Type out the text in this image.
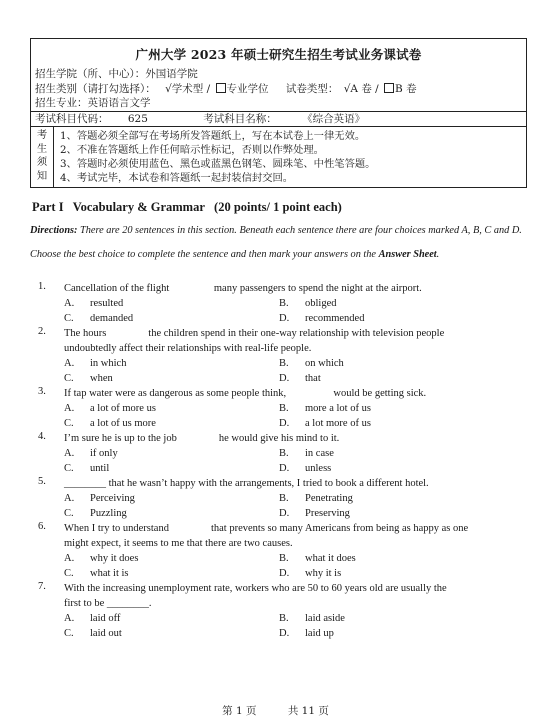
广州大学 2023 年硕士研究生招生考试业务课试卷
招生学院（所、中心）：外国语学院
招生类别（请打勾选择）： √学术型 / 专业学位 试卷类型： √A 卷 / B 卷
招生专业：英语语言文学
考试科目代码： 625	考试科目名称： 《综合英语》
考
生
须
知
1、答题必须全部写在考场所发答题纸上，写在本试卷上一律无效。
2、不准在答题纸上作任何暗示性标记，否则以作弊处理。
3、答题时必须使用蓝色、黑色或蓝黑色钢笔、圆珠笔、中性笔答题。
4、考试完毕，本试卷和答题纸一起封装信封交回。
Part I   Vocabulary & Grammar   (20 points/ 1 point each)
Directions: There are 20 sentences in this section. Beneath each sentence there are four choices marked A, B, C and D. Choose the best choice to complete the sentence and then mark your answers on the Answer Sheet.
1. Cancellation of the flight                 many passengers to spend the night at the airport.
A.	resulted	B.	obliged
C.	demanded	D.	recommended
2. The hours                the children spend in their one-way relationship with television people
undoubtedly affect their relationships with real-life people.
A.	in which	B.	on which
C.	when	D.	that
3. If tap water were as dangerous as some people think,                  would be getting sick.
A.	a lot of more us	B.	more a lot of us
C.	a lot of us more	D.	a lot more of us
4. I’m sure he is up to the job                he would give his mind to it.
A.	if only	B.	in case
C.	until	D.	unless
5. ________ that he wasn’t happy with the arrangements, I tried to book a different hotel.
A.	Perceiving	B.	Penetrating
C.	Puzzling	D.	Preserving
6. When I try to understand                that prevents so many Americans from being as happy as one
might expect, it seems to me that there are two causes.
A.	why it does	B.	what it does
C.	what it is	D.	why it is
7. With the increasing unemployment rate, workers who are 50 to 60 years old are usually the
first to be ________.
A.	laid off	B.	laid aside
C.	laid out	D.	laid up
第 1 页	共 11 页
